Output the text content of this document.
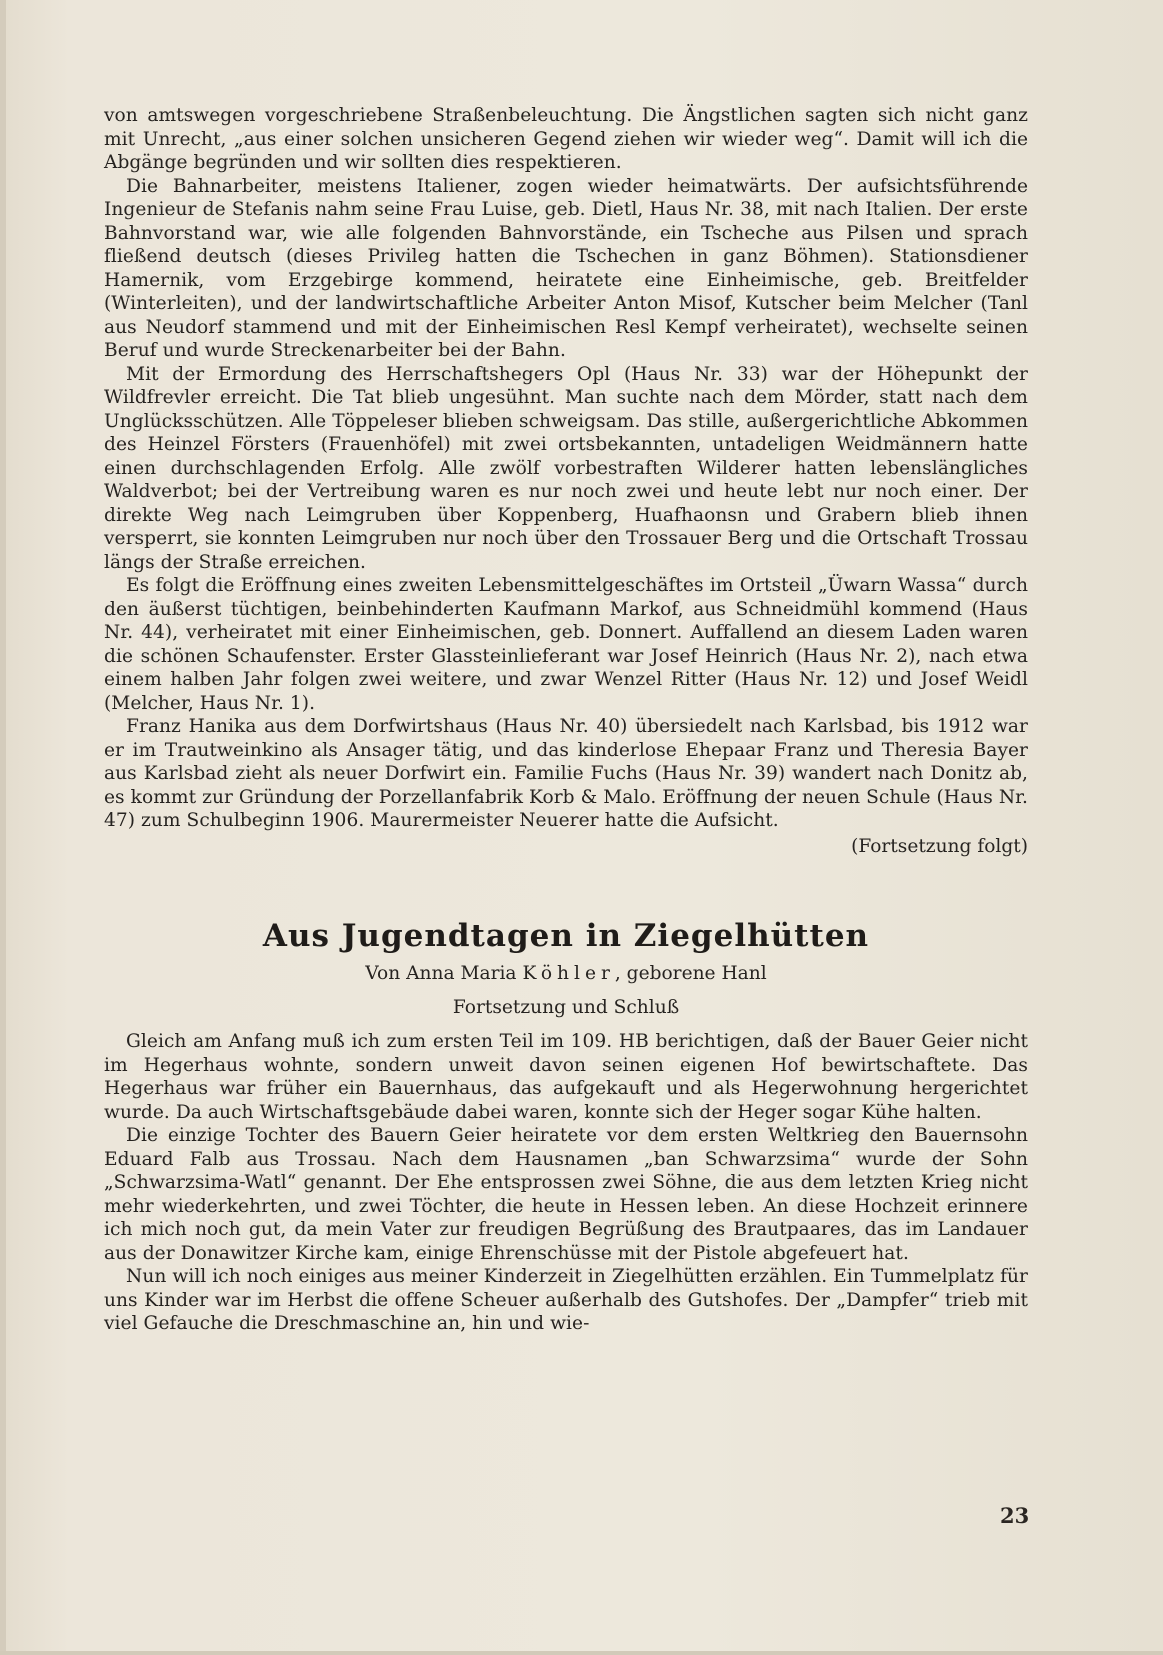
von amtswegen vorgeschriebene Straßenbeleuchtung. Die Ängstlichen sagten sich nicht ganz mit Unrecht, „aus einer solchen unsicheren Gegend ziehen wir wieder weg“. Damit will ich die Abgänge begründen und wir sollten dies respektieren.

Die Bahnarbeiter, meistens Italiener, zogen wieder heimatwärts. Der aufsichtsführende Ingenieur de Stefanis nahm seine Frau Luise, geb. Dietl, Haus Nr. 38, mit nach Italien. Der erste Bahnvorstand war, wie alle folgenden Bahnvorstände, ein Tscheche aus Pilsen und sprach fließend deutsch (dieses Privileg hatten die Tschechen in ganz Böhmen). Stationsdiener Hamernik, vom Erzgebirge kommend, heiratete eine Einheimische, geb. Breitfelder (Winterleiten), und der landwirtschaftliche Arbeiter Anton Misof, Kutscher beim Melcher (Tanl aus Neudorf stammend und mit der Einheimischen Resl Kempf verheiratet), wechselte seinen Beruf und wurde Streckenarbeiter bei der Bahn.

Mit der Ermordung des Herrschaftshegers Opl (Haus Nr. 33) war der Höhepunkt der Wildfrevler erreicht. Die Tat blieb ungesühnt. Man suchte nach dem Mörder, statt nach dem Unglücksschützen. Alle Töppeleser blieben schweigsam. Das stille, außergerichtliche Abkommen des Heinzel Försters (Frauenhöfel) mit zwei ortsbekannten, untadeligen Weidmännern hatte einen durchschlagenden Erfolg. Alle zwölf vorbestraften Wilderer hatten lebenslängliches Waldverbot; bei der Vertreibung waren es nur noch zwei und heute lebt nur noch einer. Der direkte Weg nach Leimgruben über Koppenberg, Huafhaonsn und Grabern blieb ihnen versperrt, sie konnten Leimgruben nur noch über den Trossauer Berg und die Ortschaft Trossau längs der Straße erreichen.

Es folgt die Eröffnung eines zweiten Lebensmittelgeschäftes im Ortsteil „Üwarn Wassa“ durch den äußerst tüchtigen, beinbehinderten Kaufmann Markof, aus Schneidmühl kommend (Haus Nr. 44), verheiratet mit einer Einheimischen, geb. Donnert. Auffallend an diesem Laden waren die schönen Schaufenster. Erster Glassteinlieferant war Josef Heinrich (Haus Nr. 2), nach etwa einem halben Jahr folgen zwei weitere, und zwar Wenzel Ritter (Haus Nr. 12) und Josef Weidl (Melcher, Haus Nr. 1).

Franz Hanika aus dem Dorfwirtshaus (Haus Nr. 40) übersiedelt nach Karlsbad, bis 1912 war er im Trautweinkino als Ansager tätig, und das kinderlose Ehepaar Franz und Theresia Bayer aus Karlsbad zieht als neuer Dorfwirt ein. Familie Fuchs (Haus Nr. 39) wandert nach Donitz ab, es kommt zur Gründung der Porzellanfabrik Korb & Malo. Eröffnung der neuen Schule (Haus Nr. 47) zum Schulbeginn 1906. Maurermeister Neuerer hatte die Aufsicht.

(Fortsetzung folgt)

Aus Jugendtagen in Ziegelhütten

Von Anna Maria Köhler, geborene Hanl

Fortsetzung und Schluß

Gleich am Anfang muß ich zum ersten Teil im 109. HB berichtigen, daß der Bauer Geier nicht im Hegerhaus wohnte, sondern unweit davon seinen eigenen Hof bewirtschaftete. Das Hegerhaus war früher ein Bauernhaus, das aufgekauft und als Hegerwohnung hergerichtet wurde. Da auch Wirtschaftsgebäude dabei waren, konnte sich der Heger sogar Kühe halten.

Die einzige Tochter des Bauern Geier heiratete vor dem ersten Weltkrieg den Bauernsohn Eduard Falb aus Trossau. Nach dem Hausnamen „ban Schwarzsima“ wurde der Sohn „Schwarzsima-Watl“ genannt. Der Ehe entsprossen zwei Söhne, die aus dem letzten Krieg nicht mehr wiederkehrten, und zwei Töchter, die heute in Hessen leben. An diese Hochzeit erinnere ich mich noch gut, da mein Vater zur freudigen Begrüßung des Brautpaares, das im Landauer aus der Donawitzer Kirche kam, einige Ehrenschüsse mit der Pistole abgefeuert hat.

Nun will ich noch einiges aus meiner Kinderzeit in Ziegelhütten erzählen. Ein Tummelplatz für uns Kinder war im Herbst die offene Scheuer außerhalb des Gutshofes. Der „Dampfer“ trieb mit viel Gefauche die Dreschmaschine an, hin und wie-

23
